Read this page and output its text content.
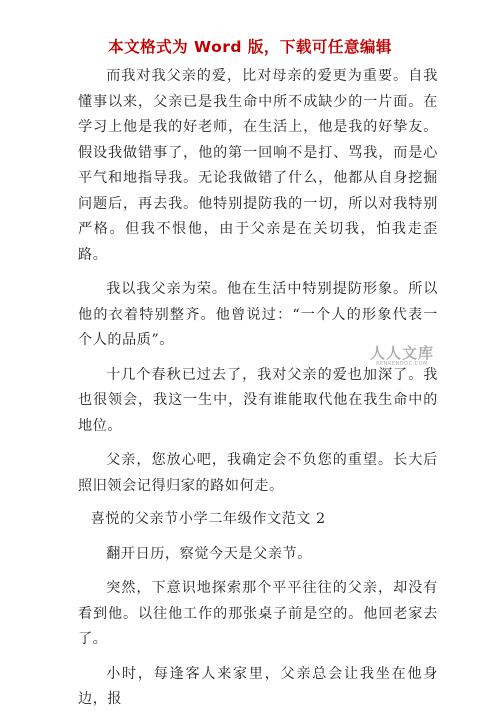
本文格式为 Word 版，下载可任意编辑

而我对我父亲的爱，比对母亲的爱更为重要。自我懂事以来，父亲已是我生命中所不成缺少的一片面。在学习上他是我的好老师，在生活上，他是我的好挚友。假设我做错事了，他的第一回响不是打、骂我，而是心平气和地指导我。无论我做错了什么，他都从自身挖掘问题后，再去我。他特别提防我的一切，所以对我特别严格。但我不恨他，由于父亲是在关切我，怕我走歪路。

我以我父亲为荣。他在生活中特别提防形象。所以他的衣着特别整齐。他曾说过：“一个人的形象代表一个人的品质”。

十几个春秋已过去了，我对父亲的爱也加深了。我也很领会，我这一生中，没有谁能取代他在我生命中的地位。

父亲，您放心吧，我确定会不负您的重望。长大后照旧领会记得归家的路如何走。

喜悦的父亲节小学二年级作文范文 2

翻开日历，察觉今天是父亲节。

突然，下意识地探索那个平平往往的父亲，却没有看到他。以往他工作的那张桌子前是空的。他回老家去了。

小时，每逢客人来家里，父亲总会让我坐在他身边，报

人人文库
RENRENDOC.COM
